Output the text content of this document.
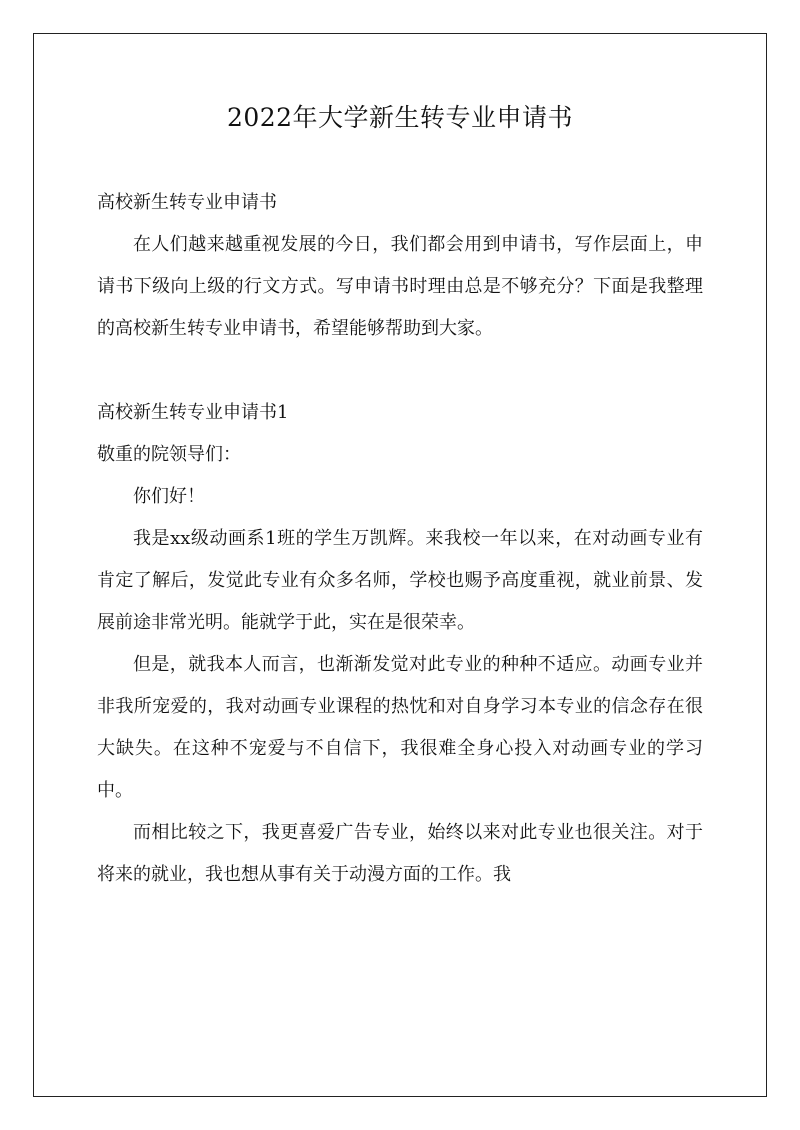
2022年大学新生转专业申请书

高校新生转专业申请书

在人们越来越重视发展的今日，我们都会用到申请书，写作层面上，申请书下级向上级的行文方式。写申请书时理由总是不够充分？下面是我整理的高校新生转专业申请书，希望能够帮助到大家。

高校新生转专业申请书1

敬重的院领导们：

你们好！

我是xx级动画系1班的学生万凯辉。来我校一年以来，在对动画专业有肯定了解后，发觉此专业有众多名师，学校也赐予高度重视，就业前景、发展前途非常光明。能就学于此，实在是很荣幸。

但是，就我本人而言，也渐渐发觉对此专业的种种不适应。动画专业并非我所宠爱的，我对动画专业课程的热忱和对自身学习本专业的信念存在很大缺失。在这种不宠爱与不自信下，我很难全身心投入对动画专业的学习中。

而相比较之下，我更喜爱广告专业，始终以来对此专业也很关注。对于将来的就业，我也想从事有关于动漫方面的工作。我
